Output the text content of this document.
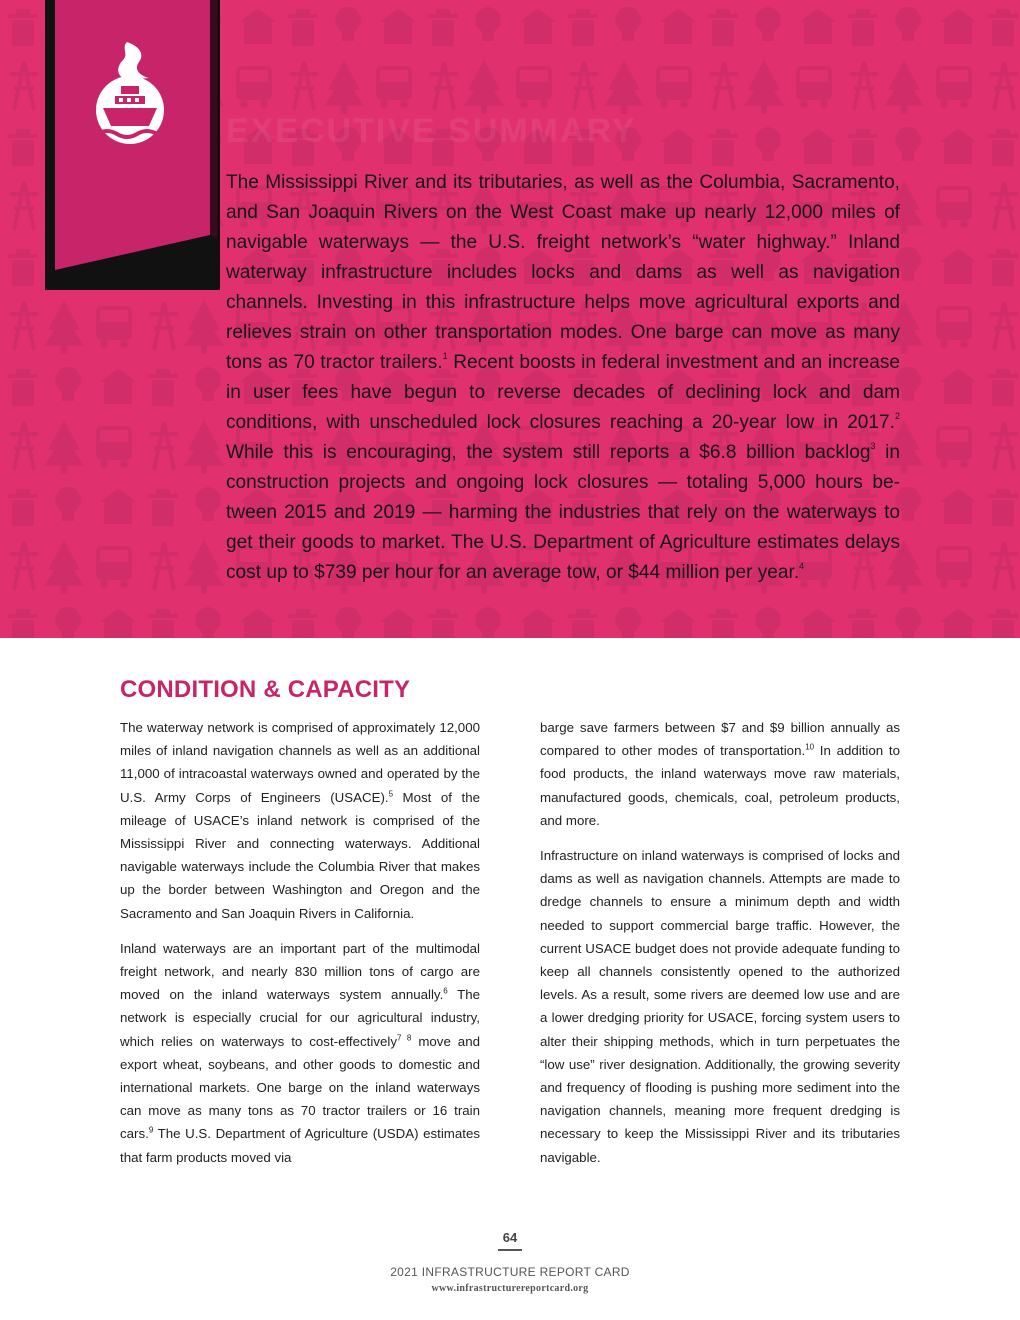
EXECUTIVE SUMMARY

The Mississippi River and its tributaries, as well as the Columbia, Sacramento, and San Joaquin Rivers on the West Coast make up nearly 12,000 miles of navigable waterways — the U.S. freight network’s “water highway.” Inland waterway infrastructure includes locks and dams as well as navigation channels. Investing in this infrastructure helps move agricultural exports and relieves strain on other transportation modes. One barge can move as many tons as 70 tractor trailers.$^1$ Recent boosts in federal investment and an increase in user fees have begun to reverse decades of declining lock and dam conditions, with unscheduled lock closures reaching a 20-year low in 2017.$^2$ While this is encouraging, the system still reports a $6.8 billion backlog$^3$ in construction projects and ongoing lock closures — totaling 5,000 hours between 2015 and 2019 — harming the industries that rely on the waterways to get their goods to market. The U.S. Department of Agriculture estimates delays cost up to $739 per hour for an average tow, or $44 million per year.$^4$

CONDITION & CAPACITY

The waterway network is comprised of approximately 12,000 miles of inland navigation channels as well as an additional 11,000 of intracoastal waterways owned and operated by the U.S. Army Corps of Engineers (USACE).$^5$ Most of the mileage of USACE’s inland network is comprised of the Mississippi River and connecting waterways. Additional navigable waterways include the Columbia River that makes up the border between Washington and Oregon and the Sacramento and San Joaquin Rivers in California.

Inland waterways are an important part of the multimodal freight network, and nearly 830 million tons of cargo are moved on the inland waterways system annually.$^6$ The network is especially crucial for our agricultural industry, which relies on waterways to cost-effectively$^{7 8}$ move and export wheat, soybeans, and other goods to domestic and international markets. One barge on the inland waterways can move as many tons as 70 tractor trailers or 16 train cars.$^9$ The U.S. Department of Agriculture (USDA) estimates that farm products moved via

barge save farmers between $7 and $9 billion annually as compared to other modes of transportation.$^{10}$ In addition to food products, the inland waterways move raw materials, manufactured goods, chemicals, coal, petroleum products, and more.

Infrastructure on inland waterways is comprised of locks and dams as well as navigation channels. Attempts are made to dredge channels to ensure a minimum depth and width needed to support commercial barge traffic. However, the current USACE budget does not provide adequate funding to keep all channels consistently opened to the authorized levels. As a result, some rivers are deemed low use and are a lower dredging priority for USACE, forcing system users to alter their shipping methods, which in turn perpetuates the “low use” river designation. Additionally, the growing severity and frequency of flooding is pushing more sediment into the navigation channels, meaning more frequent dredging is necessary to keep the Mississippi River and its tributaries navigable.

64
2021 INFRASTRUCTURE REPORT CARD
www.infrastructurereportcard.org
